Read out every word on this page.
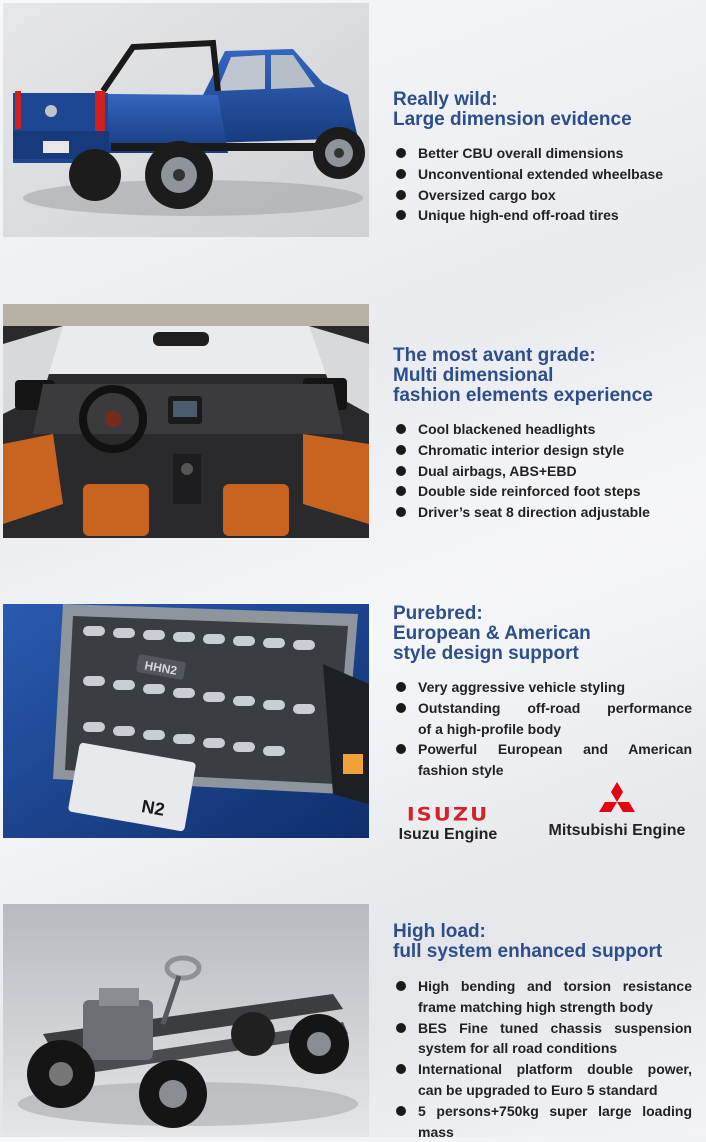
Really wild:
Large dimension evidence
Better CBU overall dimensions
Unconventional extended wheelbase
Oversized cargo box
Unique high-end off-road tires
The most avant grade:
Multi dimensional
fashion elements experience
Cool blackened headlights
Chromatic interior design style
Dual airbags, ABS+EBD
Double side reinforced foot steps
Driver’s seat 8 direction adjustable
HHN2
N2
Purebred:
European & American
style design support
Very aggressive vehicle styling
Outstanding off-road performance
of a high-profile body
Powerful European and American
fashion style
ISUZU
Isuzu Engine	Mitsubishi Engine
High load:
full system enhanced support
High bending and torsion resistance
frame matching high strength body
BES Fine tuned chassis suspension
system for all road conditions
International platform double power,
can be upgraded to Euro 5 standard
5 persons+750kg super large loading
mass
